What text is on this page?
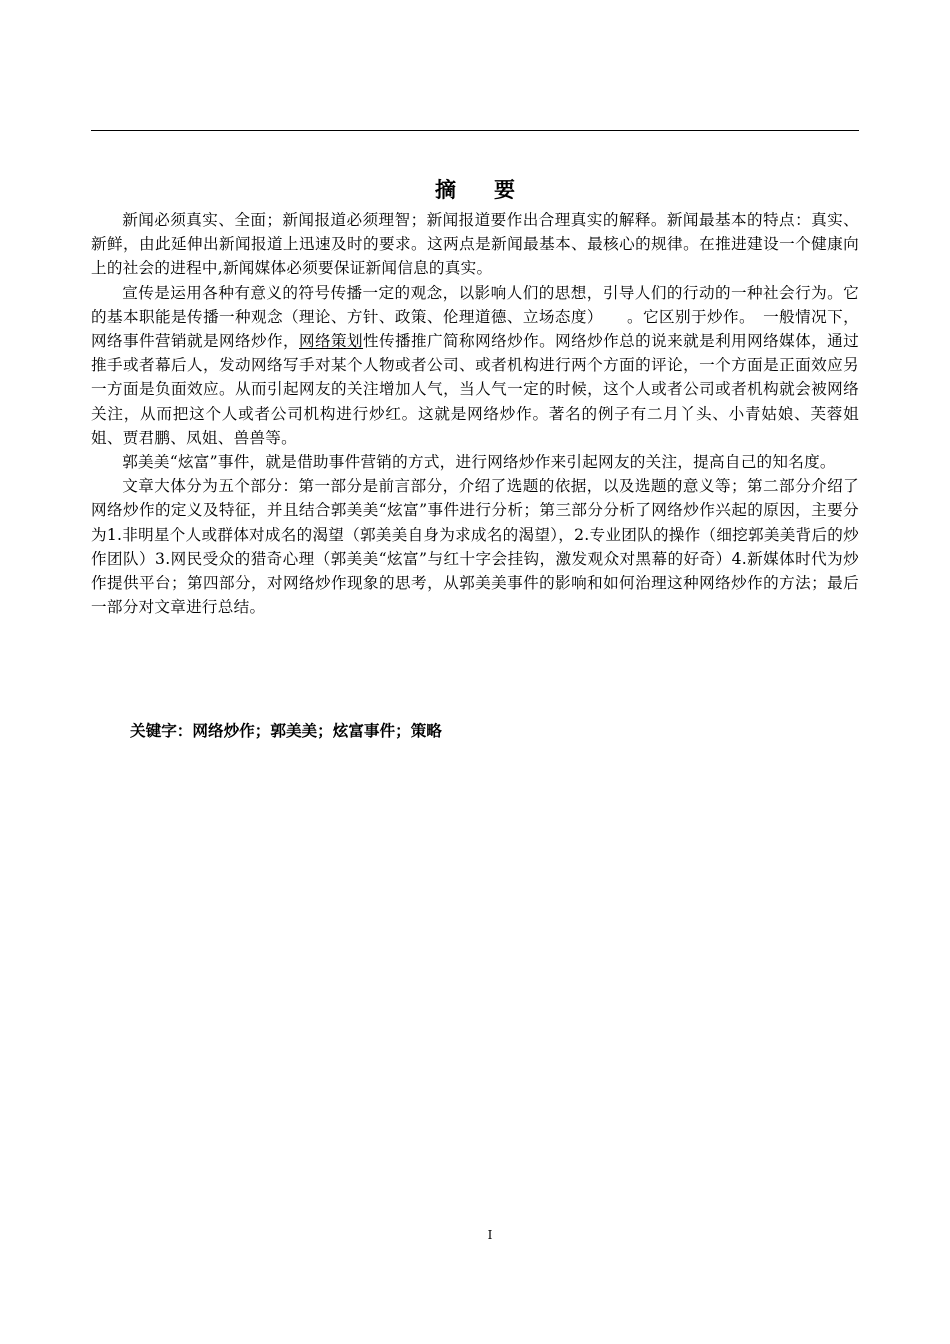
摘 要

新闻必须真实、全面；新闻报道必须理智；新闻报道要作出合理真实的解释。新闻最基本的特点：真实、新鲜，由此延伸出新闻报道上迅速及时的要求。这两点是新闻最基本、最核心的规律。在推进建设一个健康向上的社会的进程中,新闻媒体必须要保证新闻信息的真实。

宣传是运用各种有意义的符号传播一定的观念，以影响人们的思想，引导人们的行动的一种社会行为。它的基本职能是传播一种观念（理论、方针、政策、伦理道德、立场态度）　　。它区别于炒作。　一般情况下，网络事件营销就是网络炒作，网络策划性传播推广简称网络炒作。网络炒作总的说来就是利用网络媒体，通过推手或者幕后人，发动网络写手对某个人物或者公司、或者机构进行两个方面的评论，一个方面是正面效应另一方面是负面效应。从而引起网友的关注增加人气，当人气一定的时候，这个人或者公司或者机构就会被网络关注，从而把这个人或者公司机构进行炒红。这就是网络炒作。著名的例子有二月丫头、小青姑娘、芙蓉姐姐、贾君鹏、凤姐、兽兽等。

郭美美“炫富”事件，就是借助事件营销的方式，进行网络炒作来引起网友的关注，提高自己的知名度。

文章大体分为五个部分：第一部分是前言部分，介绍了选题的依据，以及选题的意义等；第二部分介绍了网络炒作的定义及特征，并且结合郭美美“炫富”事件进行分析；第三部分分析了网络炒作兴起的原因，主要分为1.非明星个人或群体对成名的渴望（郭美美自身为求成名的渴望），2.专业团队的操作（细挖郭美美背后的炒作团队）3.网民受众的猎奇心理（郭美美“炫富”与红十字会挂钩，激发观众对黑幕的好奇）4.新媒体时代为炒作提供平台；第四部分，对网络炒作现象的思考，从郭美美事件的影响和如何治理这种网络炒作的方法；最后一部分对文章进行总结。

关键字：网络炒作；郭美美；炫富事件；策略
I
